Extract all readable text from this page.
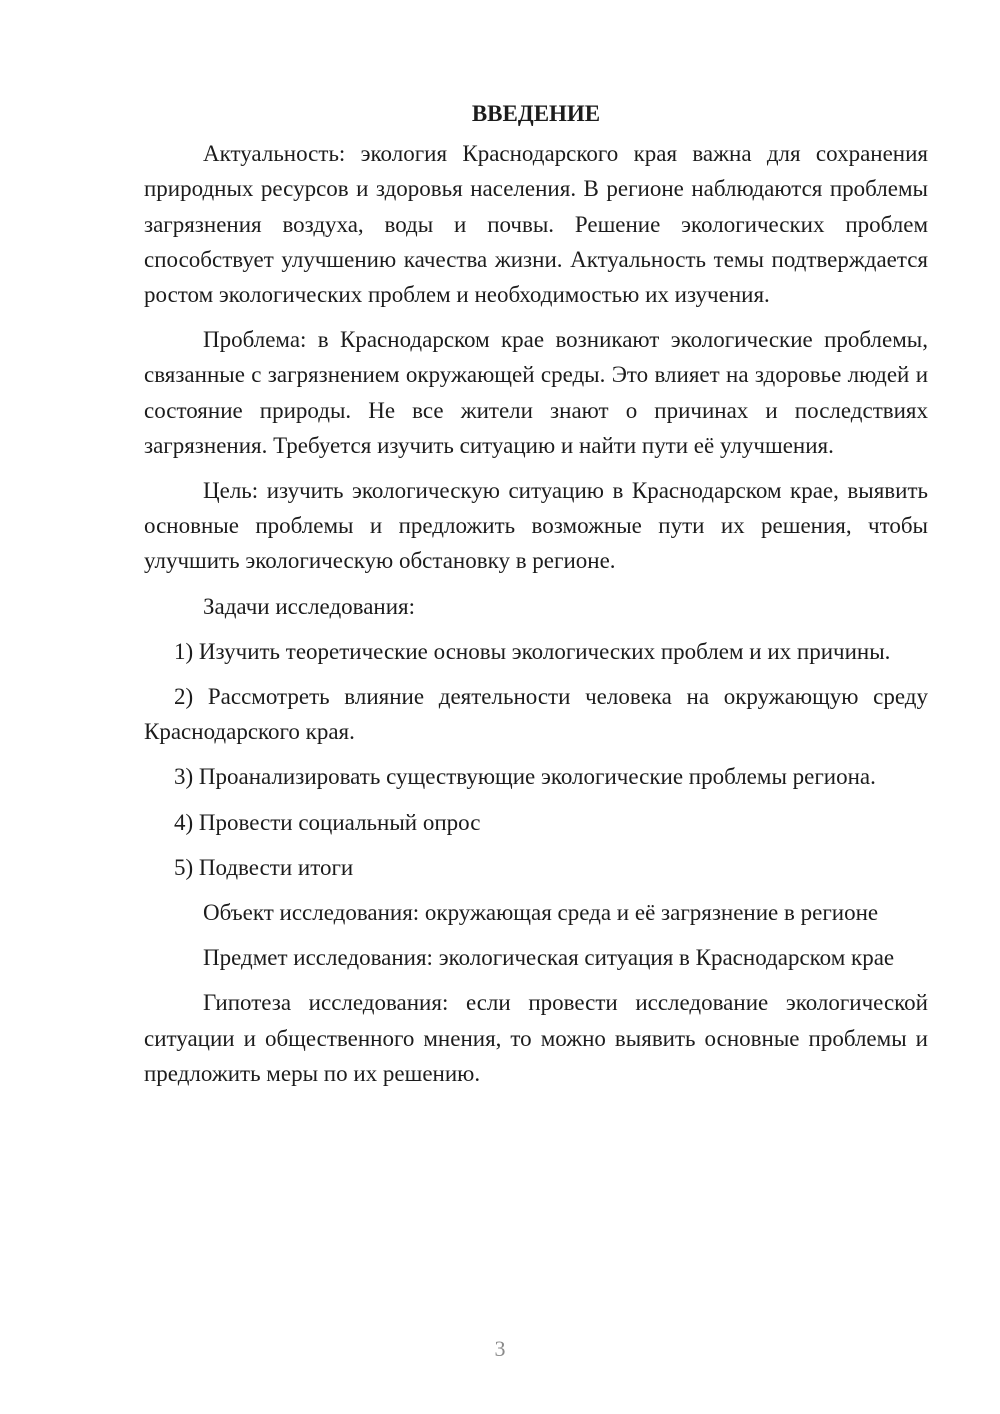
ВВЕДЕНИЕ

Актуальность: экология Краснодарского края важна для сохранения природных ресурсов и здоровья населения. В регионе наблюдаются проблемы загрязнения воздуха, воды и почвы. Решение экологических проблем способствует улучшению качества жизни. Актуальность темы подтверждается ростом экологических проблем и необходимостью их изучения.

Проблема: в Краснодарском крае возникают экологические проблемы, связанные с загрязнением окружающей среды. Это влияет на здоровье людей и состояние природы. Не все жители знают о причинах и последствиях загрязнения. Требуется изучить ситуацию и найти пути её улучшения.

Цель: изучить экологическую ситуацию в Краснодарском крае, выявить основные проблемы и предложить возможные пути их решения, чтобы улучшить экологическую обстановку в регионе.

Задачи исследования:

1) Изучить теоретические основы экологических проблем и их причины.

2) Рассмотреть влияние деятельности человека на окружающую среду Краснодарского края.

3) Проанализировать существующие экологические проблемы региона.

4) Провести социальный опрос

5) Подвести итоги

Объект исследования: окружающая среда и её загрязнение в регионе

Предмет исследования: экологическая ситуация в Краснодарском крае

Гипотеза исследования: если провести исследование экологической ситуации и общественного мнения, то можно выявить основные проблемы и предложить меры по их решению.

3
